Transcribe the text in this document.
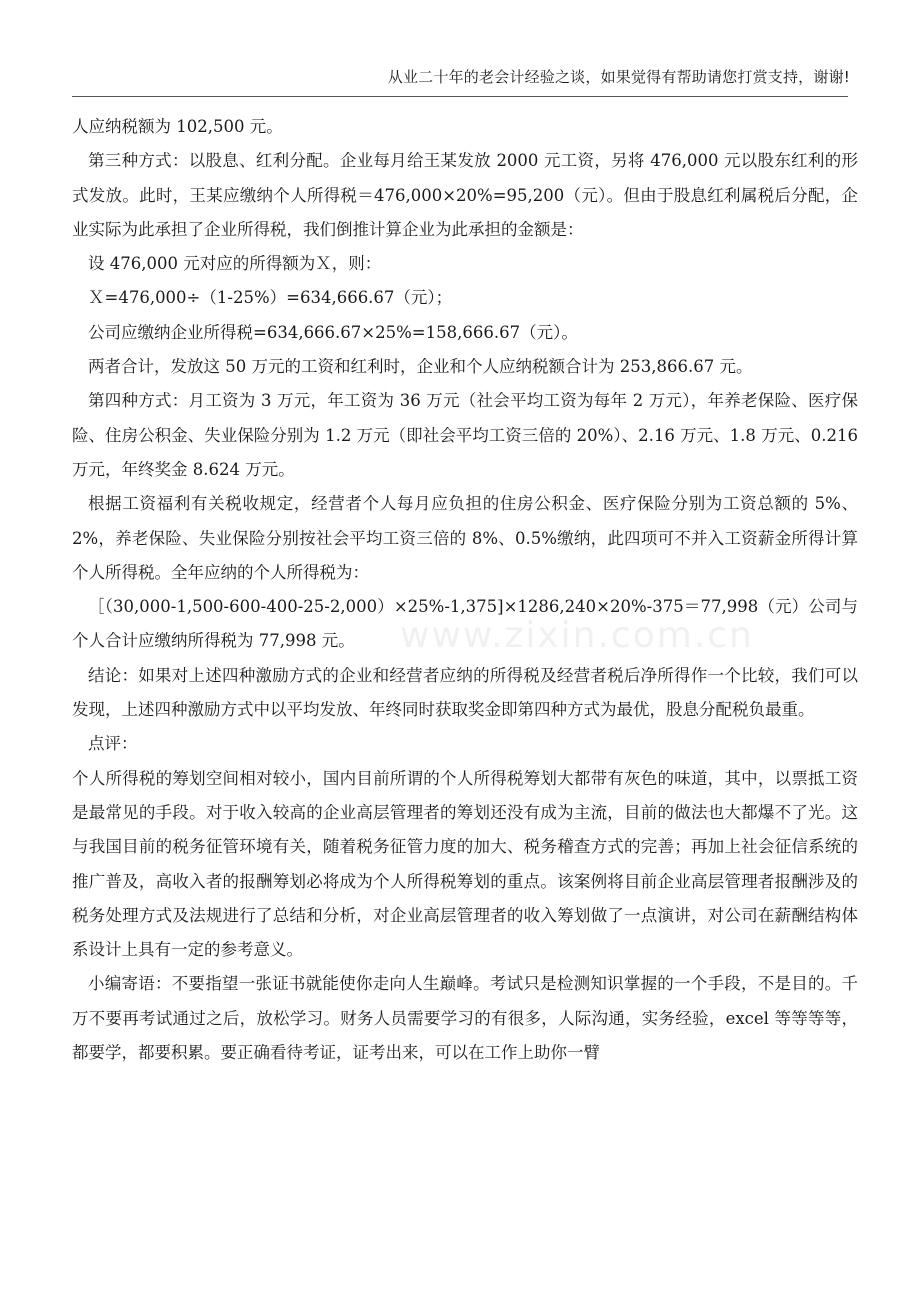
从业二十年的老会计经验之谈，如果觉得有帮助请您打赏支持，谢谢!
www.zixin.com.cn

人应纳税额为 102,500 元。

第三种方式：以股息、红利分配。企业每月给王某发放 2000 元工资，另将 476,000 元以股东红利的形式发放。此时，王某应缴纳个人所得税＝476,000×20%=95,200（元）。但由于股息红利属税后分配，企业实际为此承担了企业所得税，我们倒推计算企业为此承担的金额是：

设 476,000 元对应的所得额为Ｘ，则：

Ｘ=476,000÷（1-25%）=634,666.67（元）；

公司应缴纳企业所得税=634,666.67×25%=158,666.67（元）。

两者合计，发放这 50 万元的工资和红利时，企业和个人应纳税额合计为 253,866.67 元。

第四种方式：月工资为 3 万元，年工资为 36 万元（社会平均工资为每年 2 万元），年养老保险、医疗保险、住房公积金、失业保险分别为 1.2 万元（即社会平均工资三倍的 20%）、2.16 万元、1.8 万元、0.216 万元，年终奖金 8.624 万元。

根据工资福利有关税收规定，经营者个人每月应负担的住房公积金、医疗保险分别为工资总额的 5%、2%，养老保险、失业保险分别按社会平均工资三倍的 8%、0.5%缴纳，此四项可不并入工资薪金所得计算个人所得税。全年应纳的个人所得税为：

［（30,000-1,500-600-400-25-2,000）×25%-1,375]×1286,240×20%-375＝77,998（元）公司与个人合计应缴纳所得税为 77,998 元。

结论：如果对上述四种激励方式的企业和经营者应纳的所得税及经营者税后净所得作一个比较，我们可以发现，上述四种激励方式中以平均发放、年终同时获取奖金即第四种方式为最优，股息分配税负最重。

点评：

个人所得税的筹划空间相对较小，国内目前所谓的个人所得税筹划大都带有灰色的味道，其中，以票抵工资是最常见的手段。对于收入较高的企业高层管理者的筹划还没有成为主流，目前的做法也大都爆不了光。这与我国目前的税务征管环境有关，随着税务征管力度的加大、税务稽查方式的完善；再加上社会征信系统的推广普及，高收入者的报酬筹划必将成为个人所得税筹划的重点。该案例将目前企业高层管理者报酬涉及的税务处理方式及法规进行了总结和分析，对企业高层管理者的收入筹划做了一点演讲，对公司在薪酬结构体系设计上具有一定的参考意义。

小编寄语：不要指望一张证书就能使你走向人生巅峰。考试只是检测知识掌握的一个手段，不是目的。千万不要再考试通过之后，放松学习。财务人员需要学习的有很多，人际沟通，实务经验，excel 等等等等，都要学，都要积累。要正确看待考证，证考出来，可以在工作上助你一臂
